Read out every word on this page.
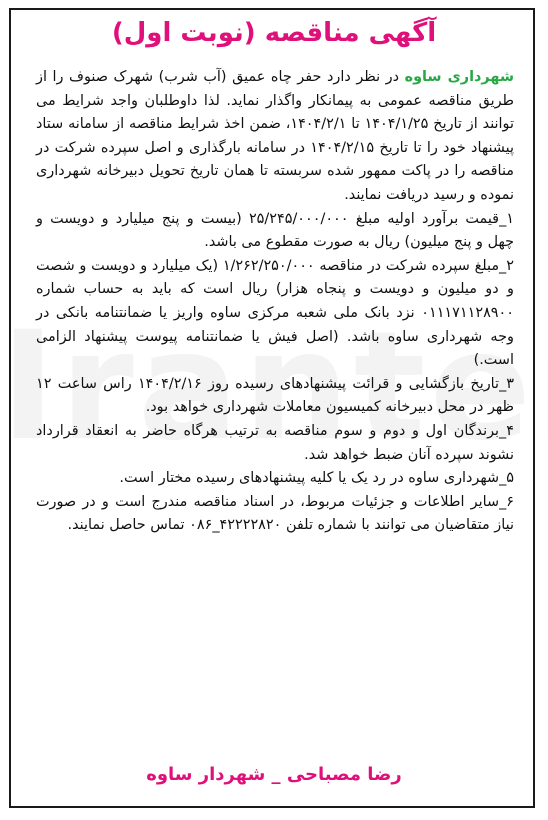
آگهی مناقصه (نوبت اول)

شهرداری ساوه در نظر دارد حفر چاه عمیق (آب شرب) شهرک صنوف را از طریق مناقصه عمومی به پیمانکار واگذار نماید. لذا داوطلبان واجد شرایط می توانند از تاریخ ۱۴۰۴/۱/۲۵ تا ۱۴۰۴/۲/۱، ضمن اخذ شرایط مناقصه از سامانه ستاد پیشنهاد خود را تا تاریخ ۱۴۰۴/۲/۱۵ در سامانه بارگذاری و اصل سپرده شرکت در مناقصه را در پاکت ممهور شده سربسته تا همان تاریخ تحویل دبیرخانه شهرداری نموده و رسید دریافت نمایند.

۱_قیمت برآورد اولیه مبلغ ۲۵/۲۴۵/۰۰۰/۰۰۰ (بیست و پنج میلیارد و دویست و چهل و پنج میلیون) ریال به صورت مقطوع می باشد.

۲_مبلغ سپرده شرکت در مناقصه ۱/۲۶۲/۲۵۰/۰۰۰ (یک میلیارد و دویست و شصت و دو میلیون و دویست و پنجاه هزار) ریال است که باید به حساب شماره ۰۱۱۱۷۱۱۲۸۹۰۰ نزد بانک ملی شعبه مرکزی ساوه واریز یا ضمانتنامه بانکی در وجه شهرداری ساوه باشد. (اصل فیش یا ضمانتنامه پیوست پیشنهاد الزامی است.)

۳_تاریخ بازگشایی و قرائت پیشنهادهای رسیده روز ۱۴۰۴/۲/۱۶ راس ساعت ۱۲ ظهر در محل دبیرخانه کمیسیون معاملات شهرداری خواهد بود.

۴_برندگان اول و دوم و سوم مناقصه به ترتیب هرگاه حاضر به انعقاد قرارداد نشوند سپرده آنان ضبط خواهد شد.

۵_شهرداری ساوه در رد یک یا کلیه پیشنهادهای رسیده مختار است.

۶_سایر اطلاعات و جزئیات مربوط، در اسناد مناقصه مندرج است و در صورت نیاز متقاضیان می توانند با شماره تلفن ۴۲۲۲۲۸۲۰_۰۸۶ تماس حاصل نمایند.

رضا مصباحی _ شهردار ساوه
